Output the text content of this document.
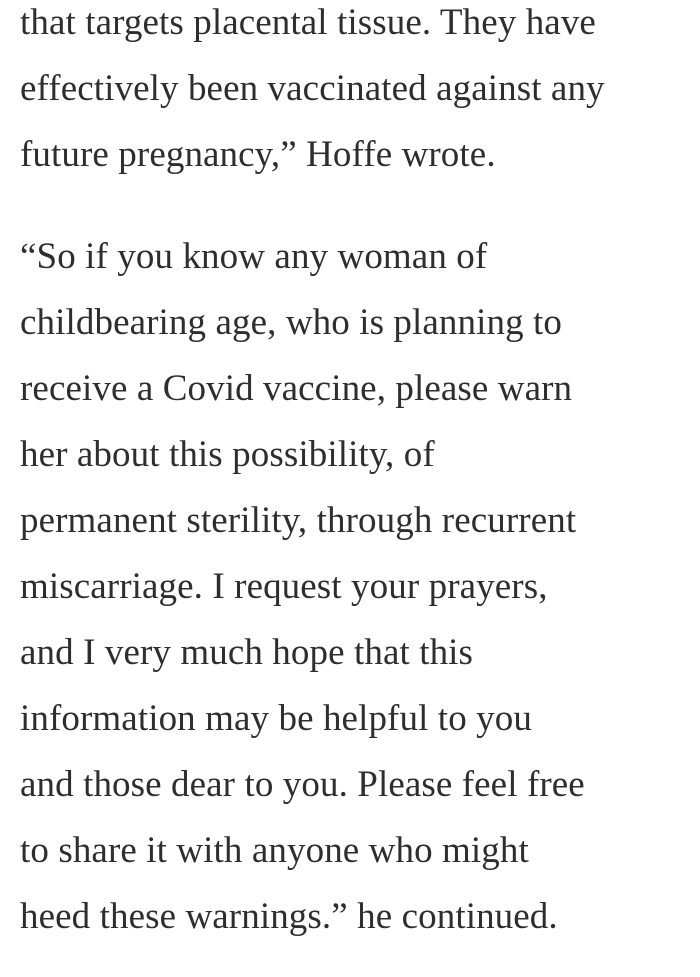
that targets placental tissue. They have
effectively been vaccinated against any
future pregnancy,” Hoffe wrote.

“So if you know any woman of
childbearing age, who is planning to
receive a Covid vaccine, please warn
her about this possibility, of
permanent sterility, through recurrent
miscarriage. I request your prayers,
and I very much hope that this
information may be helpful to you
and those dear to you. Please feel free
to share it with anyone who might
heed these warnings.” he continued.
